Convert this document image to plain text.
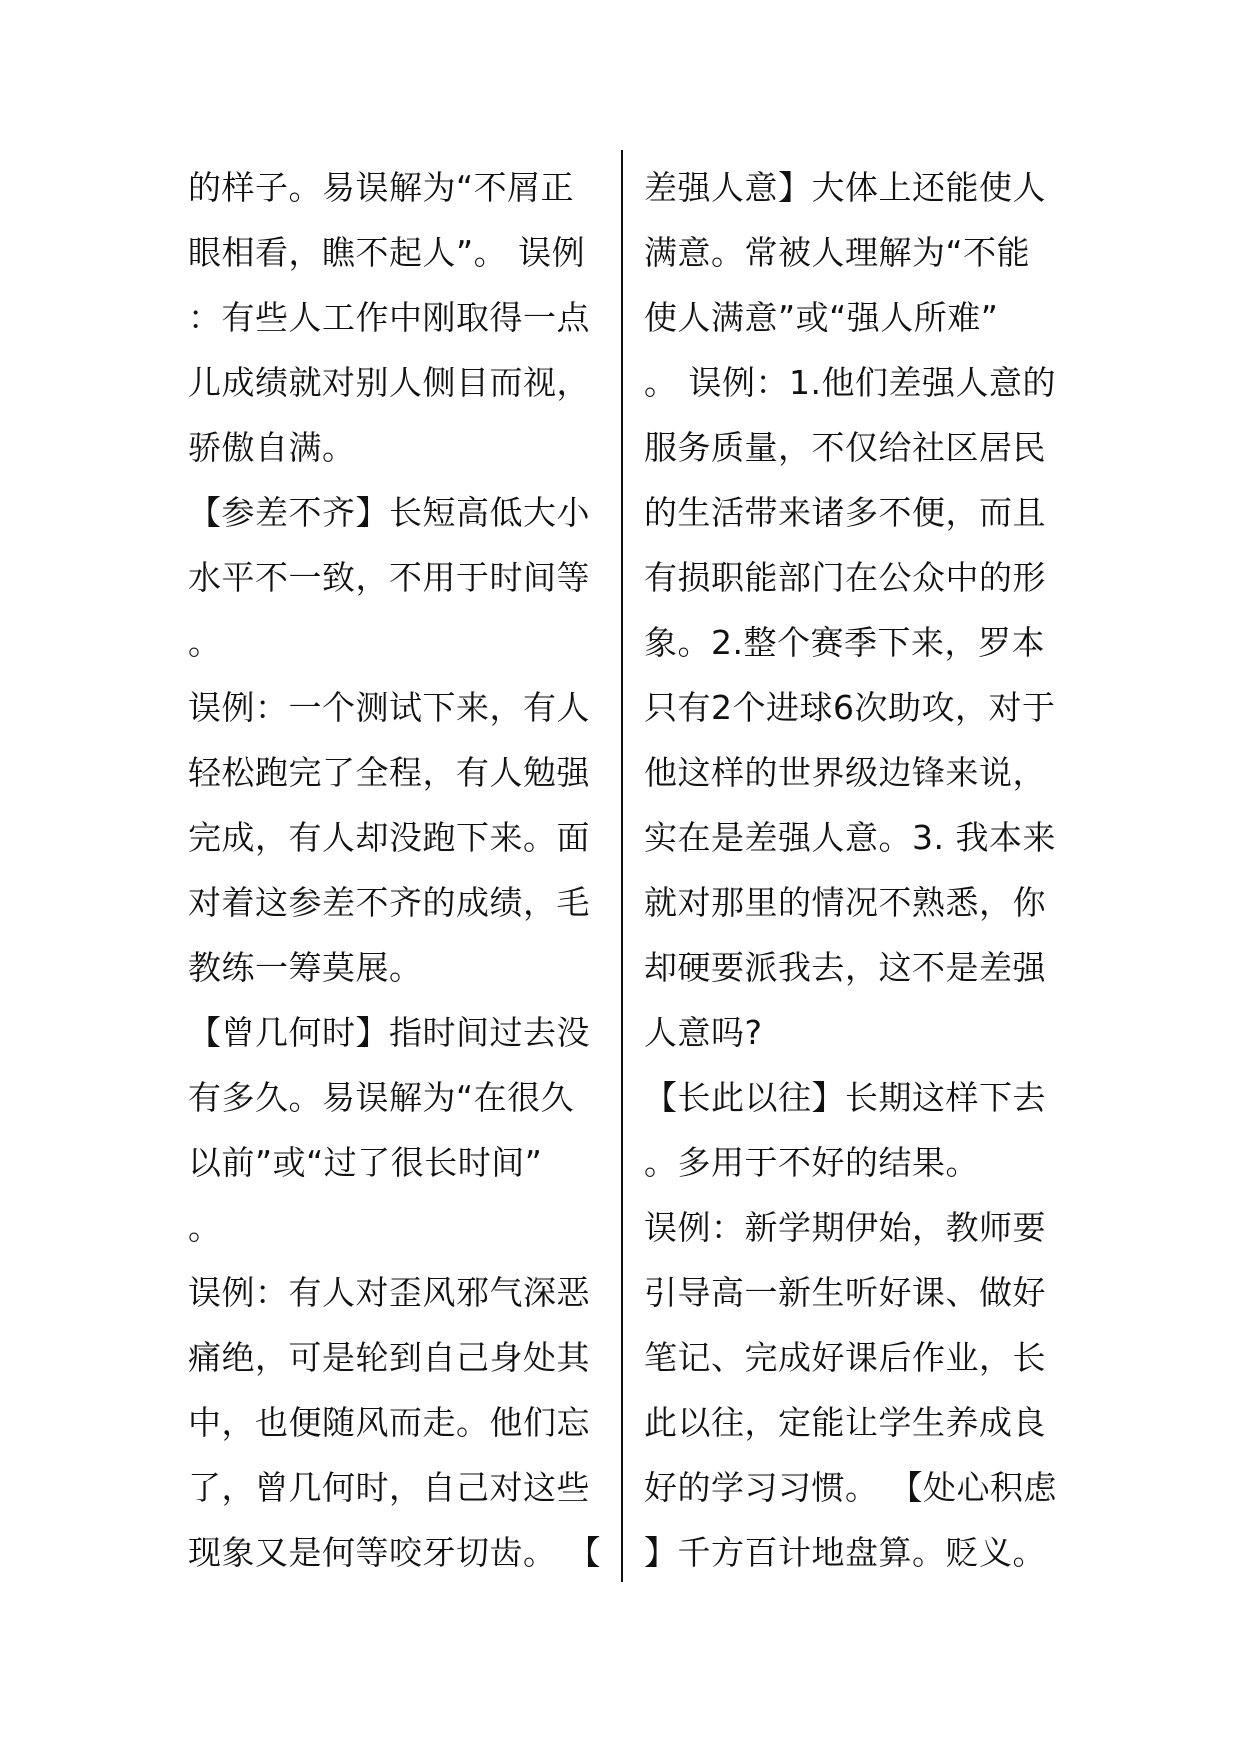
的样子。易误解为“不屑正
眼相看，瞧不起人”。 误例
：有些人工作中刚取得一点
儿成绩就对别人侧目而视，
骄傲自满。
【参差不齐】长短高低大小
水平不一致，不用于时间等
。
误例：一个测试下来，有人
轻松跑完了全程，有人勉强
完成，有人却没跑下来。面
对着这参差不齐的成绩，毛
教练一筹莫展。
【曾几何时】指时间过去没
有多久。易误解为“在很久
以前”或“过了很长时间”
。
误例：有人对歪风邪气深恶
痛绝，可是轮到自己身处其
中，也便随风而走。他们忘
了，曾几何时，自己对这些
现象又是何等咬牙切齿。 【
差强人意】大体上还能使人
满意。常被人理解为“不能
使人满意”或“强人所难”
。 误例：1.他们差强人意的
服务质量，不仅给社区居民
的生活带来诸多不便，而且
有损职能部门在公众中的形
象。2.整个赛季下来，罗本
只有2个进球6次助攻，对于
他这样的世界级边锋来说，
实在是差强人意。3. 我本来
就对那里的情况不熟悉，你
却硬要派我去，这不是差强
人意吗?
【长此以往】长期这样下去
。多用于不好的结果。
误例：新学期伊始，教师要
引导高一新生听好课、做好
笔记、完成好课后作业，长
此以往，定能让学生养成良
好的学习习惯。 【处心积虑
】千方百计地盘算。贬义。
